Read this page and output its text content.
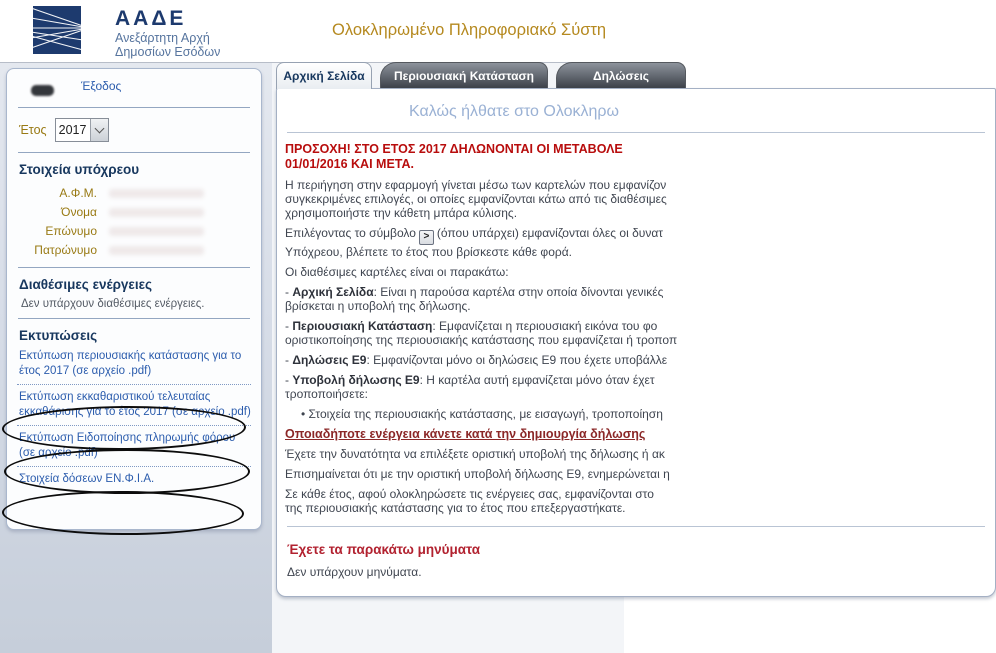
ΑΑΔΕ
Ανεξάρτητη Αρχή
Δημοσίων Εσόδων
Ολοκληρωμένο Πληροφοριακό Σύστη
Αρχική Σελίδα	Περιουσιακή Κατάσταση	Δηλώσεις
Έξοδος
Έτος 2017
Στοιχεία υπόχρεου
Α.Φ.Μ.
Όνομα
Επώνυμο
Πατρώνυμο
Διαθέσιμες ενέργειες
Δεν υπάρχουν διαθέσιμες ενέργειες.
Εκτυπώσεις
Εκτύπωση περιουσιακής κατάστασης για το έτος 2017 (σε αρχείο .pdf)
Εκτύπωση εκκαθαριστικού τελευταίας εκκαθάρισης για το έτος 2017 (σε αρχείο .pdf)
Εκτύπωση Ειδοποίησης πληρωμής φόρου (σε αρχείο .pdf)
Στοιχεία δόσεων ΕΝ.Φ.Ι.Α.
Καλώς ήλθατε στο Ολοκληρω
ΠΡΟΣΟΧΗ! ΣΤΟ ΕΤΟΣ 2017 ΔΗΛΩΝΟΝΤΑΙ ΟΙ ΜΕΤΑΒΟΛΕ
01/01/2016 ΚΑΙ ΜΕΤΑ.
Η περιήγηση στην εφαρμογή γίνεται μέσω των καρτελών που εμφανίζον
συγκεκριμένες επιλογές, οι οποίες εμφανίζονται κάτω από τις διαθέσιμες
χρησιμοποιήστε την κάθετη μπάρα κύλισης.
Επιλέγοντας το σύμβολο > (όπου υπάρχει) εμφανίζονται όλες οι δυνατ
Υπόχρεου, βλέπετε το έτος που βρίσκεστε κάθε φορά.
Οι διαθέσιμες καρτέλες είναι οι παρακάτω:
- Αρχική Σελίδα: Είναι η παρούσα καρτέλα στην οποία δίνονται γενικές
βρίσκεται η υποβολή της δήλωσης.
- Περιουσιακή Κατάσταση: Εμφανίζεται η περιουσιακή εικόνα του φο
οριστικοποίησης της περιουσιακής κατάστασης που εμφανίζεται ή τροποπ
- Δηλώσεις Ε9: Εμφανίζονται μόνο οι δηλώσεις Ε9 που έχετε υποβάλλε
- Υποβολή δήλωσης Ε9: Η καρτέλα αυτή εμφανίζεται μόνο όταν έχετ
τροποποιήσετε:
• Στοιχεία της περιουσιακής κατάστασης, με εισαγωγή, τροποποίηση
Οποιαδήποτε ενέργεια κάνετε κατά την δημιουργία δήλωσης
Έχετε την δυνατότητα να επιλέξετε οριστική υποβολή της δήλωσης ή ακ
Επισημαίνεται ότι με την οριστική υποβολή δήλωσης Ε9, ενημερώνεται η
Σε κάθε έτος, αφού ολοκληρώσετε τις ενέργειες σας, εμφανίζονται στο
της περιουσιακής κατάστασης για το έτος που επεξεργαστήκατε.
Έχετε τα παρακάτω μηνύματα
Δεν υπάρχουν μηνύματα.
